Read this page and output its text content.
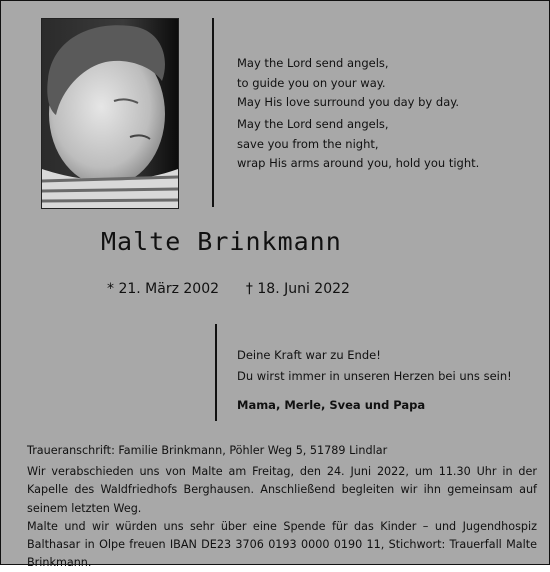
May the Lord send angels,
to guide you on your way.
May His love surround you day by day.
May the Lord send angels,
save you from the night,
wrap His arms around you, hold you tight.
Malte Brinkmann
* 21. März 2002 † 18. Juni 2022
Deine Kraft war zu Ende!
Du wirst immer in unseren Herzen bei uns sein!
Mama, Merle, Svea und Papa

Traueranschrift: Familie Brinkmann, Pöhler Weg 5, 51789 Lindlar

Wir verabschieden uns von Malte am Freitag, den 24. Juni 2022, um 11.30 Uhr in der Kapelle des Waldfriedhofs Berghausen. Anschließend begleiten wir ihn gemeinsam auf seinem letzten Weg.

Malte und wir würden uns sehr über eine Spende für das Kinder – und Jugendhospiz Balthasar in Olpe freuen IBAN DE23 3706 0193 0000 0190 11, Stichwort: Trauerfall Malte Brinkmann.
